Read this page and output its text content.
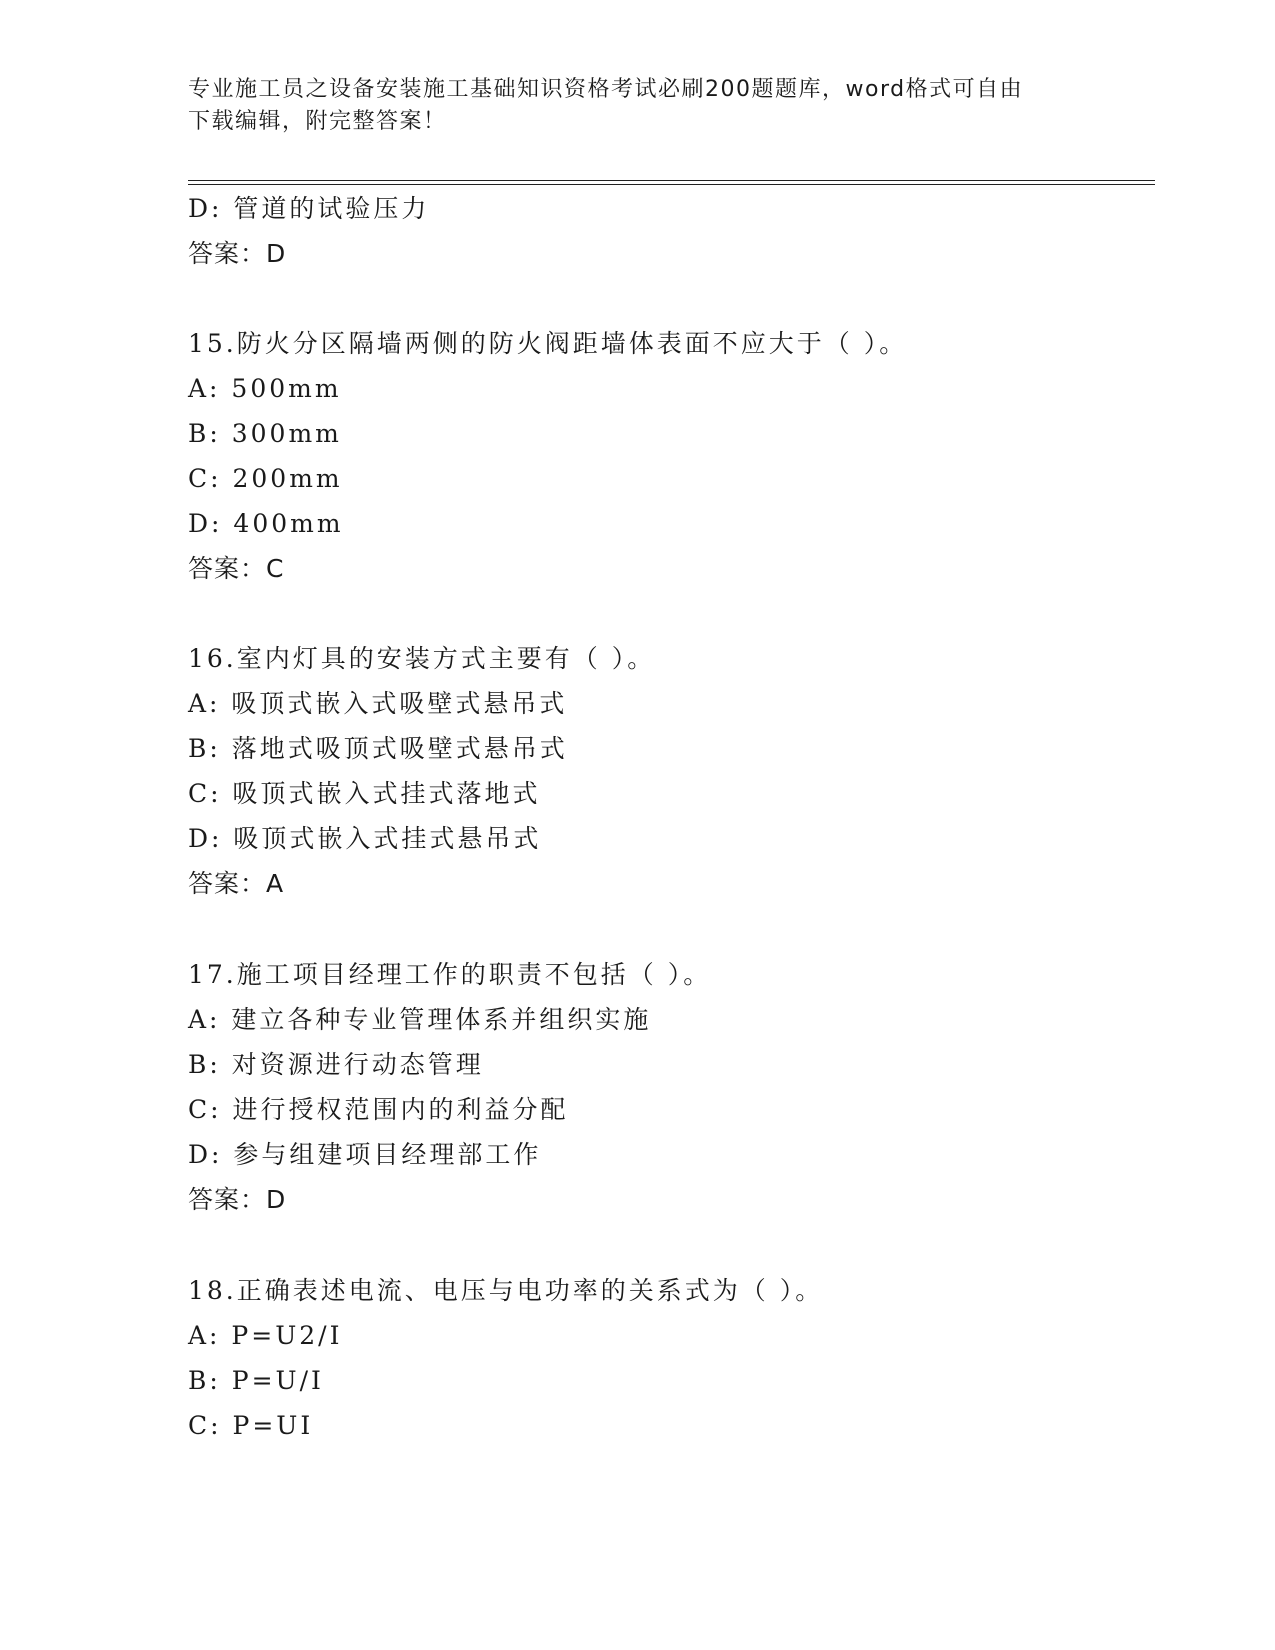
专业施工员之设备安装施工基础知识资格考试必刷200题题库，word格式可自由
下载编辑，附完整答案！
D: 管道的试验压力
答案：D
15.防火分区隔墙两侧的防火阀距墙体表面不应大于（ ）。
A: 500mm
B: 300mm
C: 200mm
D: 400mm
答案：C
16.室内灯具的安装方式主要有（ ）。
A: 吸顶式嵌入式吸壁式悬吊式
B: 落地式吸顶式吸壁式悬吊式
C: 吸顶式嵌入式挂式落地式
D: 吸顶式嵌入式挂式悬吊式
答案：A
17.施工项目经理工作的职责不包括（ ）。
A: 建立各种专业管理体系并组织实施
B: 对资源进行动态管理
C: 进行授权范围内的利益分配
D: 参与组建项目经理部工作
答案：D
18.正确表述电流、电压与电功率的关系式为（ ）。
A: P=U2/I
B: P=U/I
C: P=UI
